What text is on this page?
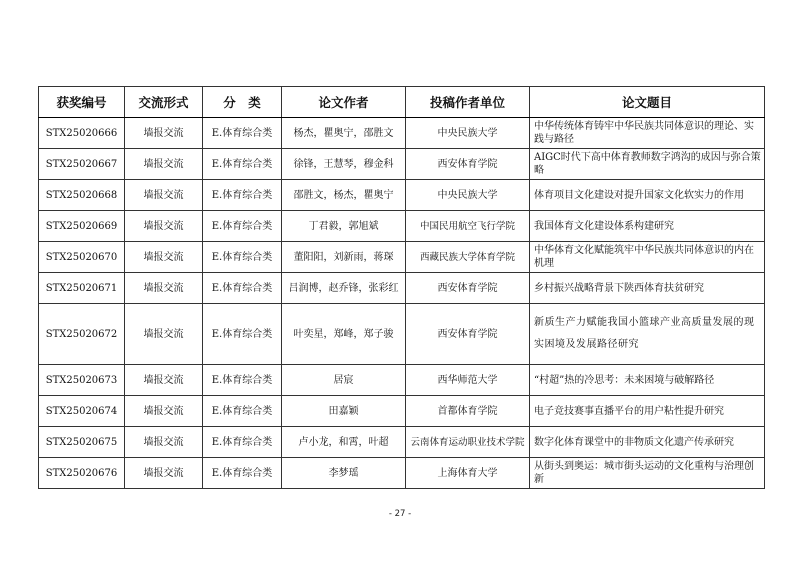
获奖编号	交流形式	分　类	论文作者	投稿作者单位	论文题目
STX25020666	墙报交流	E.体育综合类	杨杰，瞿奥宁，邵胜文	中央民族大学	中华传统体育铸牢中华民族共同体意识的理论、实践与路径
STX25020667	墙报交流	E.体育综合类	徐锋，王慧琴，穆金科	西安体育学院	AIGC时代下高中体育教师数字鸿沟的成因与弥合策略
STX25020668	墙报交流	E.体育综合类	邵胜文，杨杰，瞿奥宁	中央民族大学	体育项目文化建设对提升国家文化软实力的作用
STX25020669	墙报交流	E.体育综合类	丁君毅，郭旭斌	中国民用航空飞行学院	我国体育文化建设体系构建研究
STX25020670	墙报交流	E.体育综合类	董阳阳，刘新雨，蒋琛	西藏民族大学体育学院	中华体育文化赋能筑牢中华民族共同体意识的内在机理
STX25020671	墙报交流	E.体育综合类	吕润博，赵乔锋，张彩红	西安体育学院	乡村振兴战略背景下陕西体育扶贫研究
STX25020672	墙报交流	E.体育综合类	叶奕星，郑峰，郑子骏	西安体育学院	新质生产力赋能我国小篮球产业高质量发展的现实困境及发展路径研究
STX25020673	墙报交流	E.体育综合类	居宸	西华师范大学	“村超”热的冷思考：未来困境与破解路径
STX25020674	墙报交流	E.体育综合类	田嘉颖	首都体育学院	电子竞技赛事直播平台的用户粘性提升研究
STX25020675	墙报交流	E.体育综合类	卢小龙，和霄，叶超	云南体育运动职业技术学院	数字化体育课堂中的非物质文化遗产传承研究
STX25020676	墙报交流	E.体育综合类	李梦瑶	上海体育大学	从街头到奥运：城市街头运动的文化重构与治理创新
- 27 -
